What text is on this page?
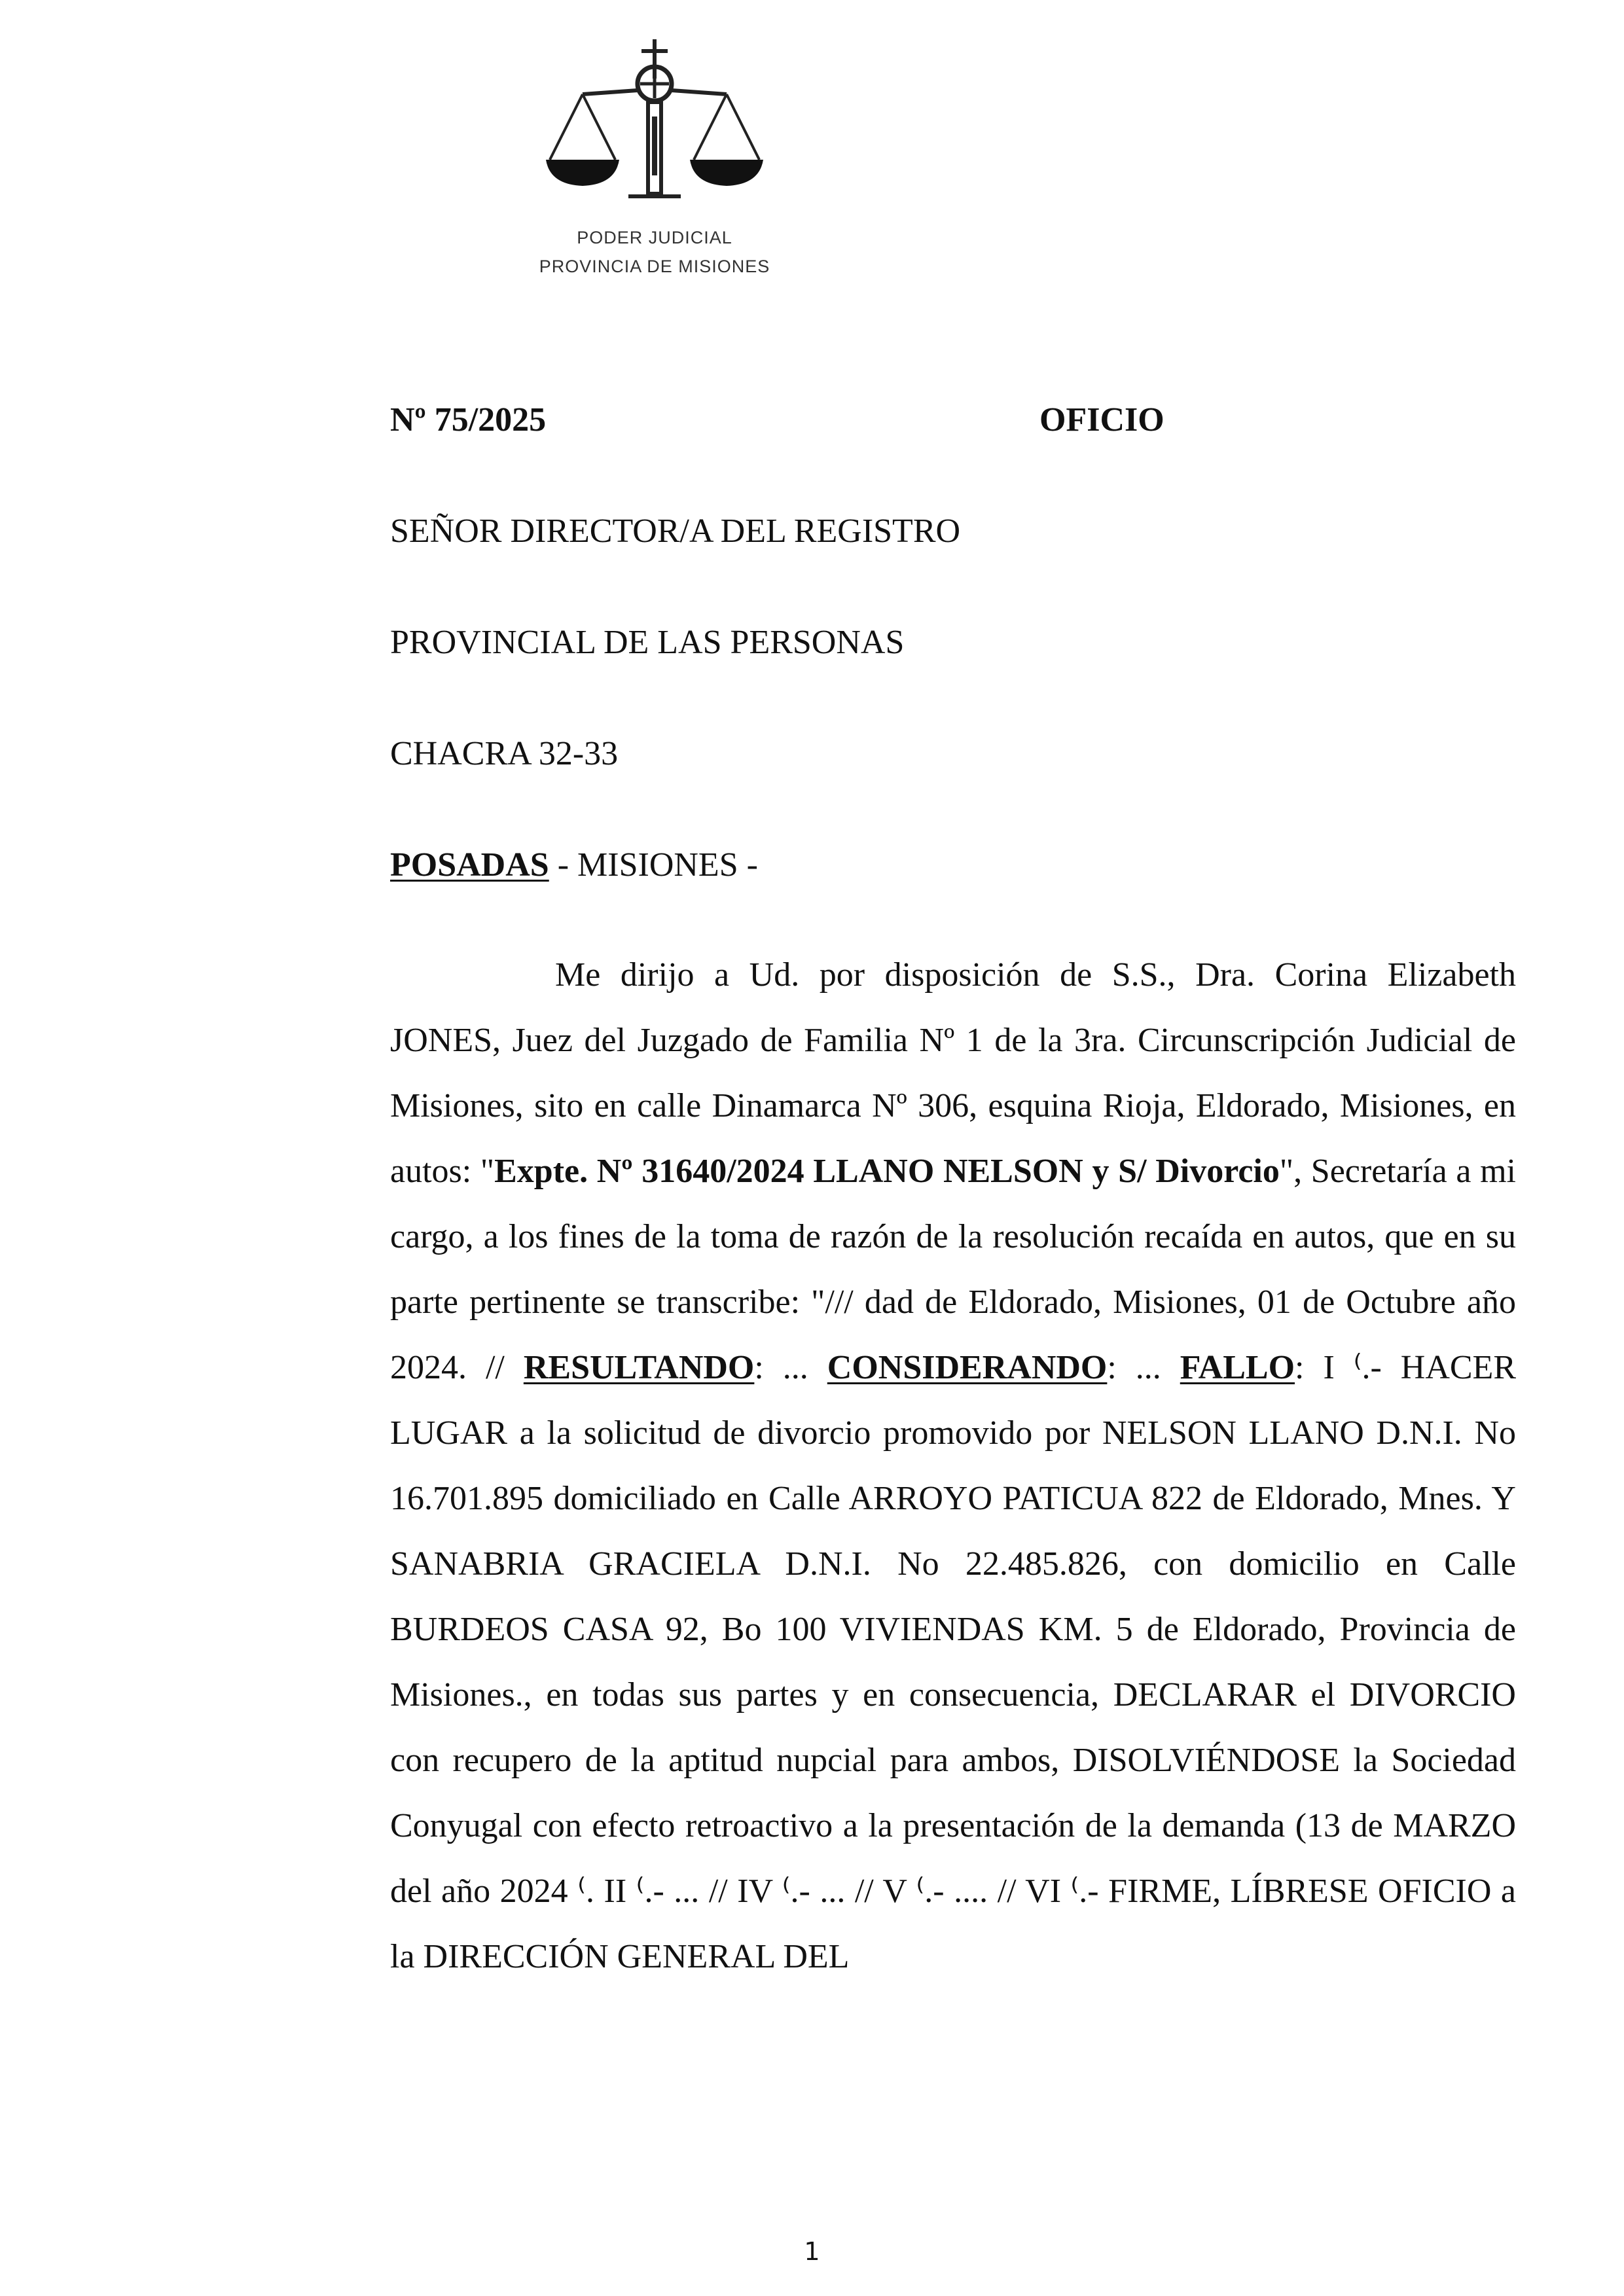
PODER JUDICIAL
PROVINCIA DE MISIONES
Nº 75/2025	OFICIO
SEÑOR DIRECTOR/A DEL REGISTRO
PROVINCIAL DE LAS PERSONAS
CHACRA 32-33
POSADAS - MISIONES -
Me dirijo a Ud. por disposición de S.S., Dra. Corina Elizabeth JONES, Juez del Juzgado de Familia Nº 1 de la 3ra. Circunscripción Judicial de Misiones, sito en calle Dinamarca Nº 306, esquina Rioja, Eldorado, Misiones, en autos: "Expte. Nº 31640/2024 LLANO NELSON y S/ Divorcio", Secretaría a mi cargo, a los fines de la toma de razón de la resolución recaída en autos, que en su parte pertinente se transcribe: "/// dad de Eldorado, Misiones, 01 de Octubre año 2024. // RESULTANDO: ... CONSIDERANDO: ... FALLO: I ⁽.- HACER LUGAR a la solicitud de divorcio promovido por NELSON LLANO D.N.I. No 16.701.895 domiciliado en Calle ARROYO PATICUA 822 de Eldorado, Mnes. Y SANABRIA GRACIELA D.N.I. No 22.485.826, con domicilio en Calle BURDEOS CASA 92, Bo 100 VIVIENDAS KM. 5 de Eldorado, Provincia de Misiones., en todas sus partes y en consecuencia, DECLARAR el DIVORCIO con recupero de la aptitud nupcial para ambos, DISOLVIÉNDOSE la Sociedad Conyugal con efecto retroactivo a la presentación de la demanda (13 de MARZO del año 2024 ⁽. II ⁽.- ... // IV ⁽.- ... // V ⁽.- .... // VI ⁽.- FIRME, LÍBRESE OFICIO a la DIRECCIÓN GENERAL DEL
1
